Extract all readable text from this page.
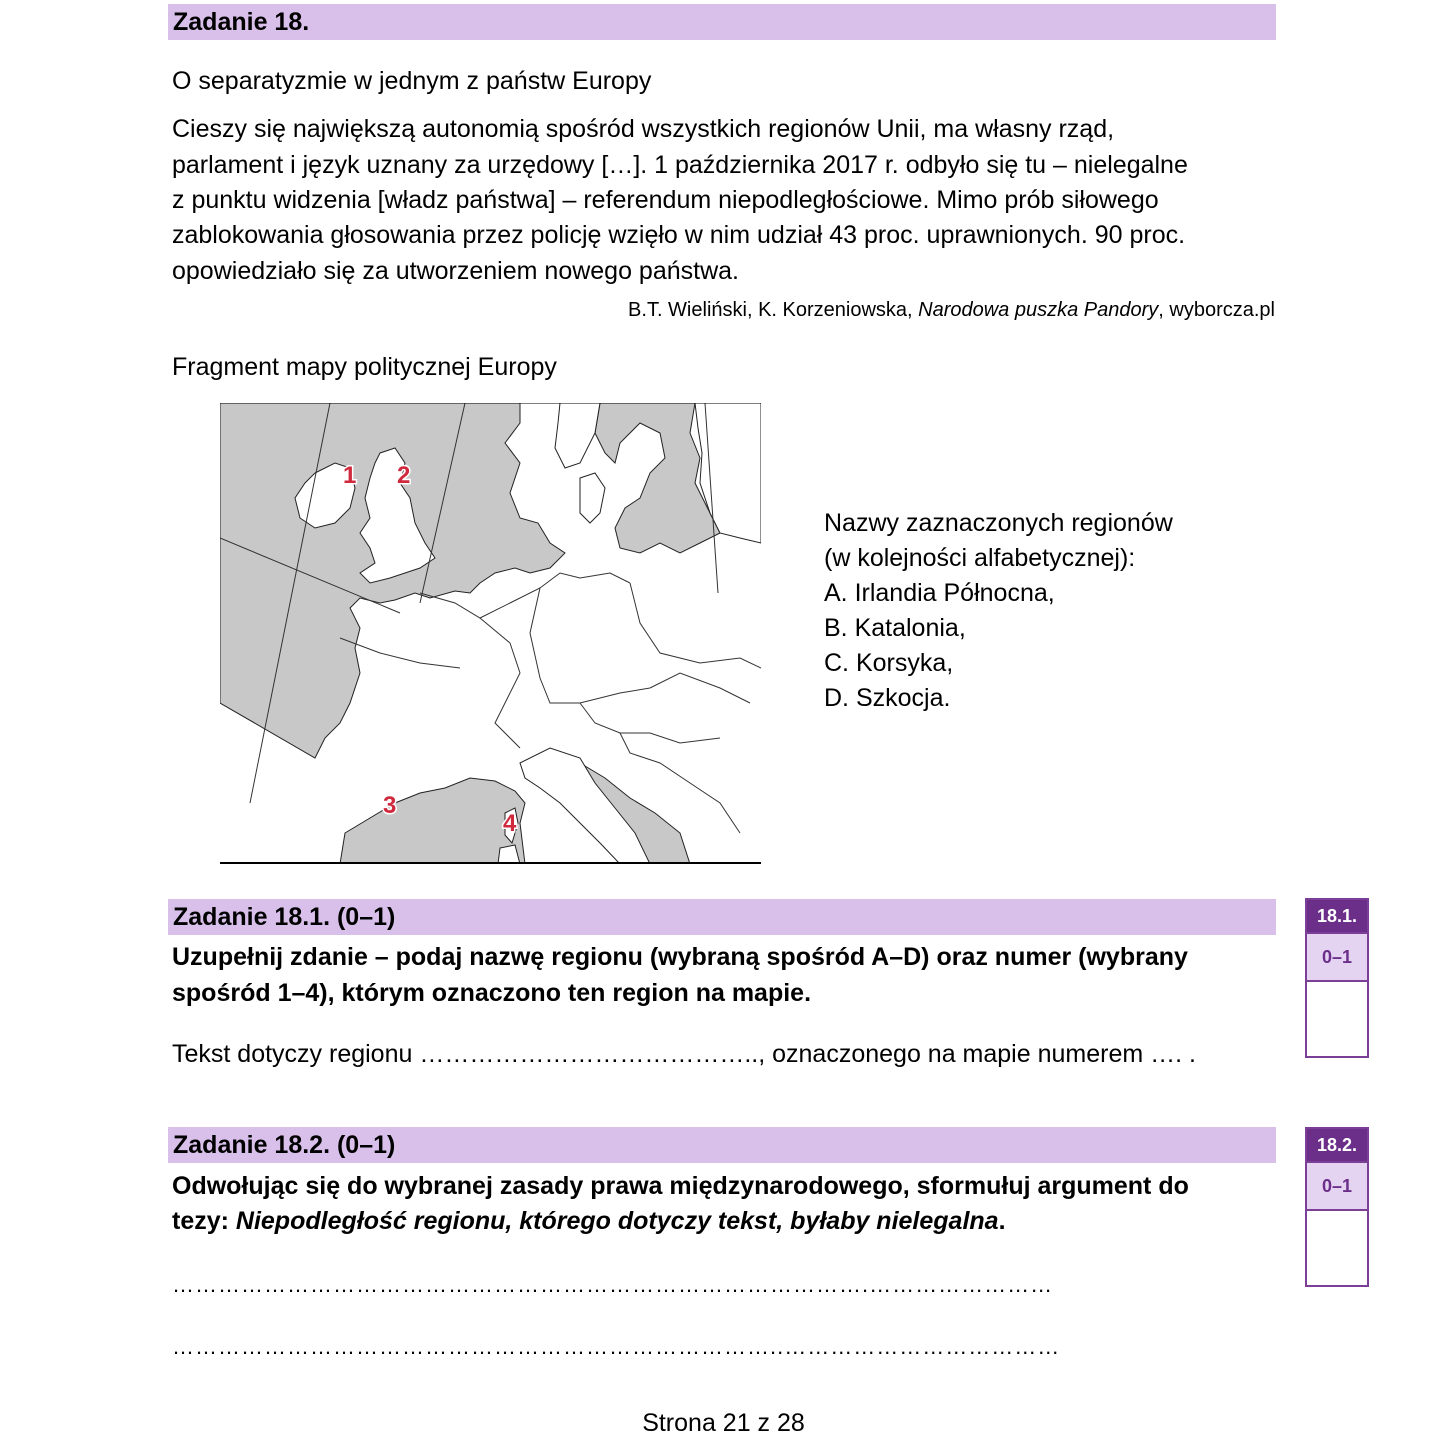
Zadanie 18.
O separatyzmie w jednym z państw Europy
Cieszy się największą autonomią spośród wszystkich regionów Unii, ma własny rząd,
parlament i język uznany za urzędowy […]. 1 października 2017 r. odbyło się tu – nielegalne
z punktu widzenia [władz państwa] – referendum niepodległościowe. Mimo prób siłowego
zablokowania głosowania przez policję wzięło w nim udział 43 proc. uprawnionych. 90 proc.
opowiedziało się za utworzeniem nowego państwa.
B.T. Wieliński, K. Korzeniowska, Narodowa puszka Pandory, wyborcza.pl
Fragment mapy politycznej Europy
1 2
3
4
Nazwy zaznaczonych regionów
(w kolejności alfabetycznej):
A. Irlandia Północna,
B. Katalonia,
C. Korsyka,
D. Szkocja.
Zadanie 18.1. (0–1)
Uzupełnij zdanie – podaj nazwę regionu (wybraną spośród A–D) oraz numer (wybrany
spośród 1–4), którym oznaczono ten region na mapie.
Tekst dotyczy regionu ………………………………….., oznaczonego na mapie numerem …. .
18.1.
0–1
Zadanie 18.2. (0–1)
Odwołując się do wybranej zasady prawa międzynarodowego, sformułuj argument do
tezy: Niepodległość regionu, którego dotyczy tekst, byłaby nielegalna.
……………………………………………………………………………….……………………
……………………………………………………………………..………………………………
18.2.
0–1
Strona 21 z 28
